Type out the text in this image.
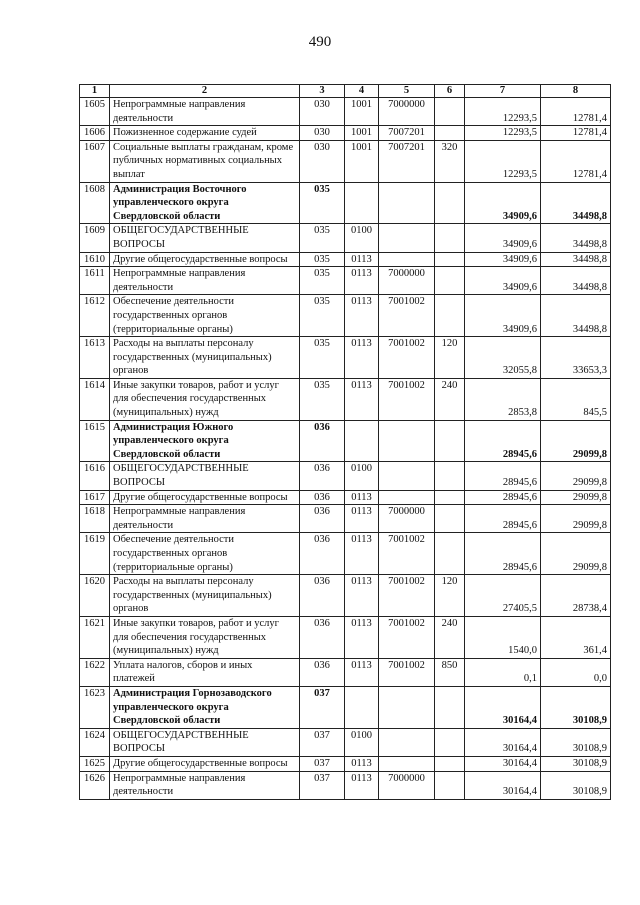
490
1	2	3	4	5	6	7	8
1605	Непрограммные направления деятельности	030	1001	7000000		12293,5	12781,4
1606	Пожизненное содержание судей	030	1001	7007201		12293,5	12781,4
1607	Социальные выплаты гражданам, кроме публичных нормативных социальных выплат	030	1001	7007201	320	12293,5	12781,4
1608	Администрация Восточного управленческого округа Свердловской области	035				34909,6	34498,8
1609	ОБЩЕГОСУДАРСТВЕННЫЕ ВОПРОСЫ	035	0100			34909,6	34498,8
1610	Другие общегосударственные вопросы	035	0113			34909,6	34498,8
1611	Непрограммные направления деятельности	035	0113	7000000		34909,6	34498,8
1612	Обеспечение деятельности государственных органов (территориальные органы)	035	0113	7001002		34909,6	34498,8
1613	Расходы на выплаты персоналу государственных (муниципальных) органов	035	0113	7001002	120	32055,8	33653,3
1614	Иные закупки товаров, работ и услуг для обеспечения государственных (муниципальных) нужд	035	0113	7001002	240	2853,8	845,5
1615	Администрация Южного управленческого округа Свердловской области	036				28945,6	29099,8
1616	ОБЩЕГОСУДАРСТВЕННЫЕ ВОПРОСЫ	036	0100			28945,6	29099,8
1617	Другие общегосударственные вопросы	036	0113			28945,6	29099,8
1618	Непрограммные направления деятельности	036	0113	7000000		28945,6	29099,8
1619	Обеспечение деятельности государственных органов (территориальные органы)	036	0113	7001002		28945,6	29099,8
1620	Расходы на выплаты персоналу государственных (муниципальных) органов	036	0113	7001002	120	27405,5	28738,4
1621	Иные закупки товаров, работ и услуг для обеспечения государственных (муниципальных) нужд	036	0113	7001002	240	1540,0	361,4
1622	Уплата налогов, сборов и иных платежей	036	0113	7001002	850	0,1	0,0
1623	Администрация Горнозаводского управленческого округа Свердловской области	037				30164,4	30108,9
1624	ОБЩЕГОСУДАРСТВЕННЫЕ ВОПРОСЫ	037	0100			30164,4	30108,9
1625	Другие общегосударственные вопросы	037	0113			30164,4	30108,9
1626	Непрограммные направления деятельности	037	0113	7000000		30164,4	30108,9
